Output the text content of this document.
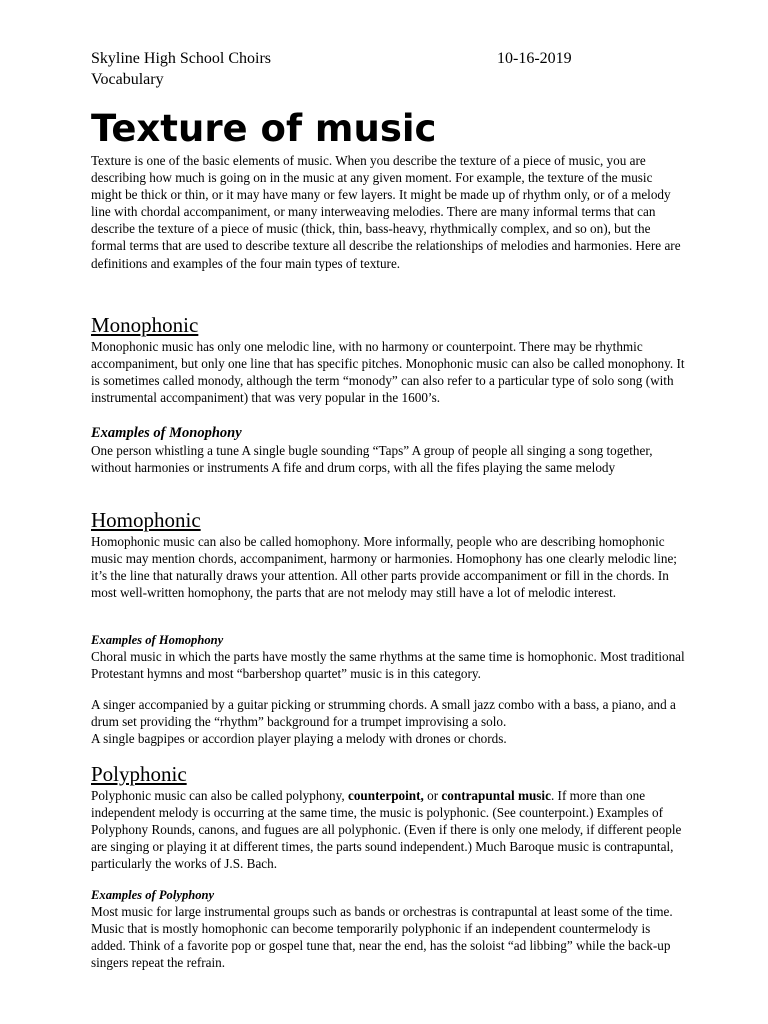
Skyline High School Choirs	10-16-2019
Vocabulary
Texture of music

Texture is one of the basic elements of music. When you describe the texture of a piece of music, you are describing how much is going on in the music at any given moment. For example, the texture of the music might be thick or thin, or it may have many or few layers. It might be made up of rhythm only, or of a melody line with chordal accompaniment, or many interweaving melodies. There are many informal terms that can describe the texture of a piece of music (thick, thin, bass-heavy, rhythmically complex, and so on), but the formal terms that are used to describe texture all describe the relationships of melodies and harmonies. Here are definitions and examples of the four main types of texture.

Monophonic

Monophonic music has only one melodic line, with no harmony or counterpoint. There may be rhythmic accompaniment, but only one line that has specific pitches. Monophonic music can also be called monophony. It is sometimes called monody, although the term “monody” can also refer to a particular type of solo song (with instrumental accompaniment) that was very popular in the 1600’s.

Examples of Monophony

One person whistling a tune A single bugle sounding “Taps” A group of people all singing a song together, without harmonies or instruments A fife and drum corps, with all the fifes playing the same melody

Homophonic

Homophonic music can also be called homophony. More informally, people who are describing homophonic music may mention chords, accompaniment, harmony or harmonies. Homophony has one clearly melodic line; it’s the line that naturally draws your attention. All other parts provide accompaniment or fill in the chords. In most well-written homophony, the parts that are not melody may still have a lot of melodic interest.

Examples of Homophony

Choral music in which the parts have mostly the same rhythms at the same time is homophonic. Most traditional Protestant hymns and most “barbershop quartet” music is in this category.

A singer accompanied by a guitar picking or strumming chords. A small jazz combo with a bass, a piano, and a drum set providing the “rhythm” background for a trumpet improvising a solo.

A single bagpipes or accordion player playing a melody with drones or chords.

Polyphonic

Polyphonic music can also be called polyphony, counterpoint, or contrapuntal music. If more than one independent melody is occurring at the same time, the music is polyphonic. (See counterpoint.) Examples of Polyphony Rounds, canons, and fugues are all polyphonic. (Even if there is only one melody, if different people are singing or playing it at different times, the parts sound independent.) Much Baroque music is contrapuntal, particularly the works of J.S. Bach.

Examples of Polyphony

Most music for large instrumental groups such as bands or orchestras is contrapuntal at least some of the time. Music that is mostly homophonic can become temporarily polyphonic if an independent countermelody is added. Think of a favorite pop or gospel tune that, near the end, has the soloist “ad libbing” while the back-up singers repeat the refrain.
